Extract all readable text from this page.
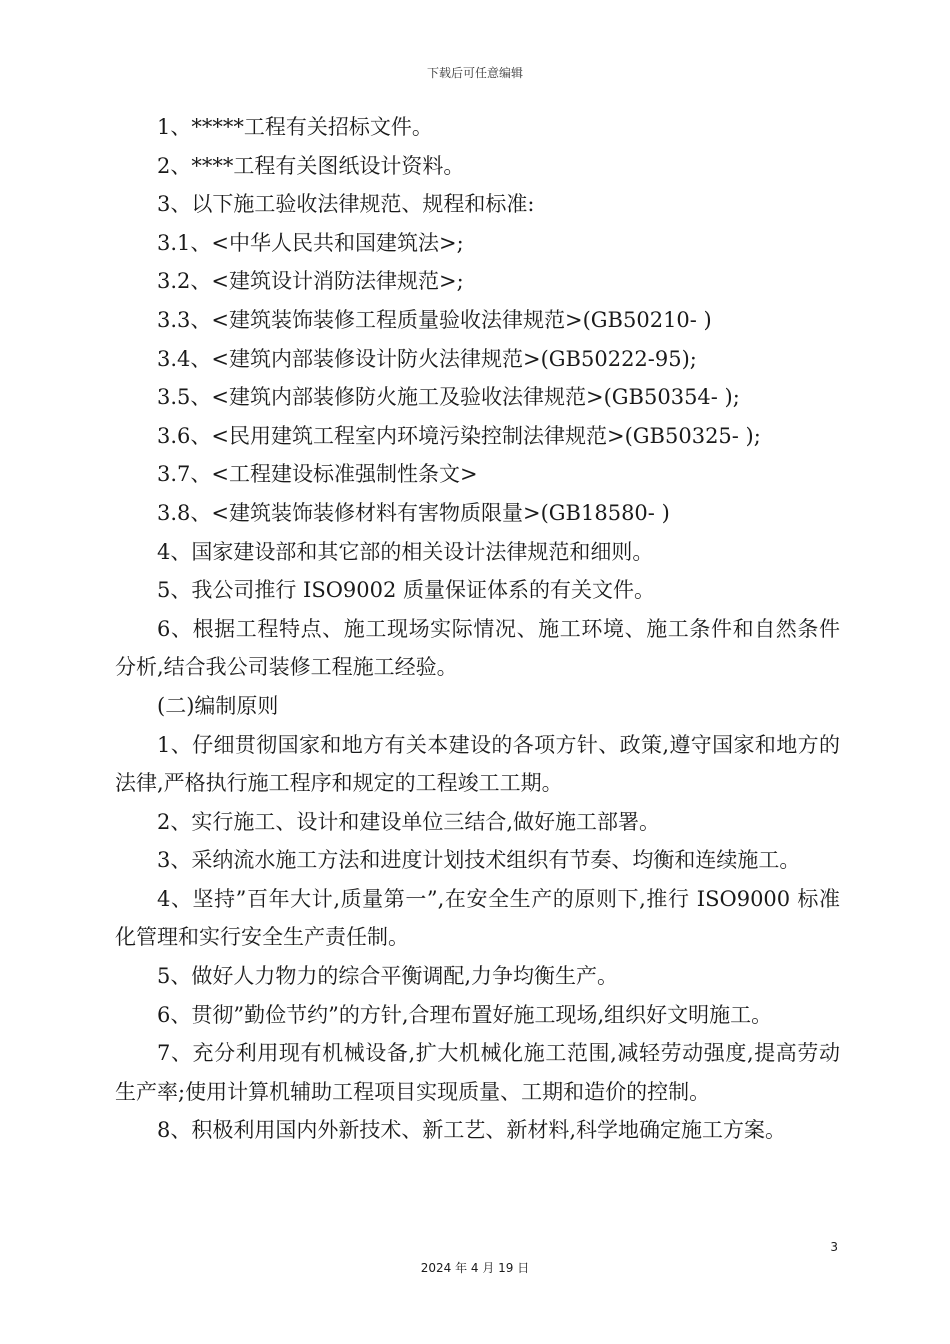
下载后可任意编辑

1、*****工程有关招标文件。

2、****工程有关图纸设计资料。

3、以下施工验收法律规范、规程和标准:

3.1、<中华人民共和国建筑法>;

3.2、<建筑设计消防法律规范>;

3.3、<建筑装饰装修工程质量验收法律规范>(GB50210- )

3.4、<建筑内部装修设计防火法律规范>(GB50222-95);

3.5、<建筑内部装修防火施工及验收法律规范>(GB50354- );

3.6、<民用建筑工程室内环境污染控制法律规范>(GB50325- );

3.7、<工程建设标准强制性条文>

3.8、<建筑装饰装修材料有害物质限量>(GB18580- )

4、国家建设部和其它部的相关设计法律规范和细则。

5、我公司推行 ISO9002 质量保证体系的有关文件。

6、根据工程特点、施工现场实际情况、施工环境、施工条件和自然条件分析,结合我公司装修工程施工经验。

(二)编制原则

1、仔细贯彻国家和地方有关本建设的各项方针、政策,遵守国家和地方的法律,严格执行施工程序和规定的工程竣工工期。

2、实行施工、设计和建设单位三结合,做好施工部署。

3、采纳流水施工方法和进度计划技术组织有节奏、均衡和连续施工。

4、坚持”百年大计,质量第一”,在安全生产的原则下,推行 ISO9000 标准化管理和实行安全生产责任制。

5、做好人力物力的综合平衡调配,力争均衡生产。

6、贯彻”勤俭节约”的方针,合理布置好施工现场,组织好文明施工。

7、充分利用现有机械设备,扩大机械化施工范围,减轻劳动强度,提高劳动生产率;使用计算机辅助工程项目实现质量、工期和造价的控制。

8、积极利用国内外新技术、新工艺、新材料,科学地确定施工方案。

3
2024 年 4 月 19 日
